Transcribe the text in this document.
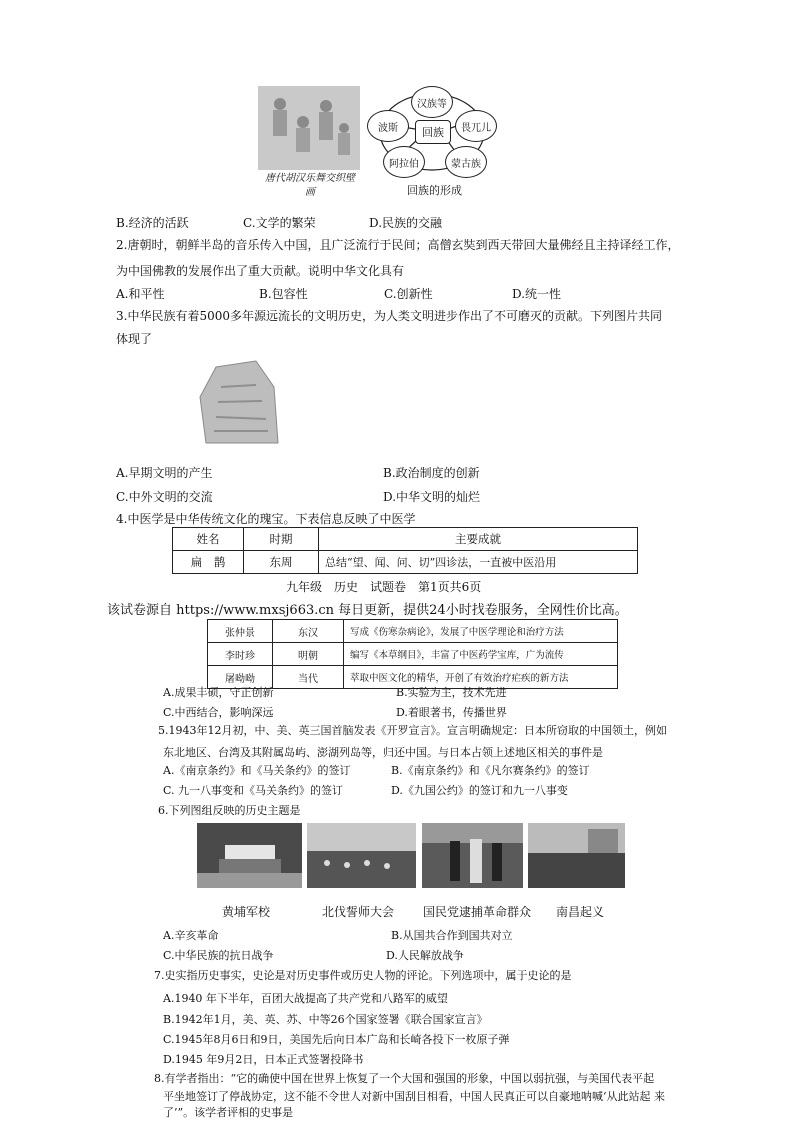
唐代胡汉乐舞交织壁画
汉族等
畏兀儿
蒙古族
阿拉伯
波斯	回族
回族的形成
B.经济的活跃	C.文学的繁荣	D.民族的交融
2.唐朝时，朝鲜半岛的音乐传入中国，且广泛流行于民间；高僧玄奘到西天带回大量佛经且主持译经工作，
为中国佛教的发展作出了重大贡献。说明中华文化具有
A.和平性	B.包容性	C.创新性	D.统一性
3.中华民族有着5000多年源远流长的文明历史，为人类文明进步作出了不可磨灭的贡献。下列图片共同
体现了
A.早期文明的产生	B.政治制度的创新
C.中外文明的交流	D.中华文明的灿烂
4.中医学是中华传统文化的瑰宝。下表信息反映了中医学
姓名	时期	主要成就
扁　鹊	东周	总结“望、闻、问、切”四诊法，一直被中医沿用
九年级　历史　试题卷　第1页共6页
该试卷源自 https://www.mxsj663.cn 每日更新，提供24小时找卷服务，全网性价比高。
张仲景	东汉	写成《伤寒杂病论》，发展了中医学理论和治疗方法
李时珍	明朝	编写《本草纲目》，丰富了中医药学宝库，广为流传
屠呦呦	当代	萃取中医文化的精华，开创了有效治疗疟疾的新方法
A.成果丰硕，守正创新	B.实验为主，技术先进
C.中西结合，影响深远	D.着眼著书，传播世界
5.1943年12月初，中、美、英三国首脑发表《开罗宣言》。宣言明确规定：日本所窃取的中国领土，例如
东北地区、台湾及其附属岛屿、澎湖列岛等，归还中国。与日本占领上述地区相关的事件是
A.《南京条约》和《马关条约》的签订	B.《南京条约》和《凡尔赛条约》的签订
C. 九一八事变和《马关条约》的签订	D.《九国公约》的签订和九一八事变
6.下列图组反映的历史主题是
黄埔军校	北伐誓师大会 国民党逮捕革命群众 南昌起义
A.辛亥革命	B.从国共合作到国共对立
C.中华民族的抗日战争	D.人民解放战争
7.史实指历史事实，史论是对历史事件或历史人物的评论。下列选项中，属于史论的是
A.1940 年下半年，百团大战提高了共产党和八路军的威望
B.1942年1月，美、英、苏、中等26个国家签署《联合国家宣言》
C.1945年8月6日和9日，美国先后向日本广岛和长崎各投下一枚原子弹
D.1945 年9月2日，日本正式签署投降书
8.有学者指出：“它的确使中国在世界上恢复了一个大国和强国的形象，中国以弱抗强，与美国代表平起
平坐地签订了停战协定，这不能不令世人对新中国刮目相看，中国人民真正可以自豪地呐喊‘从此站起 来
了’”。该学者评相的史事是
